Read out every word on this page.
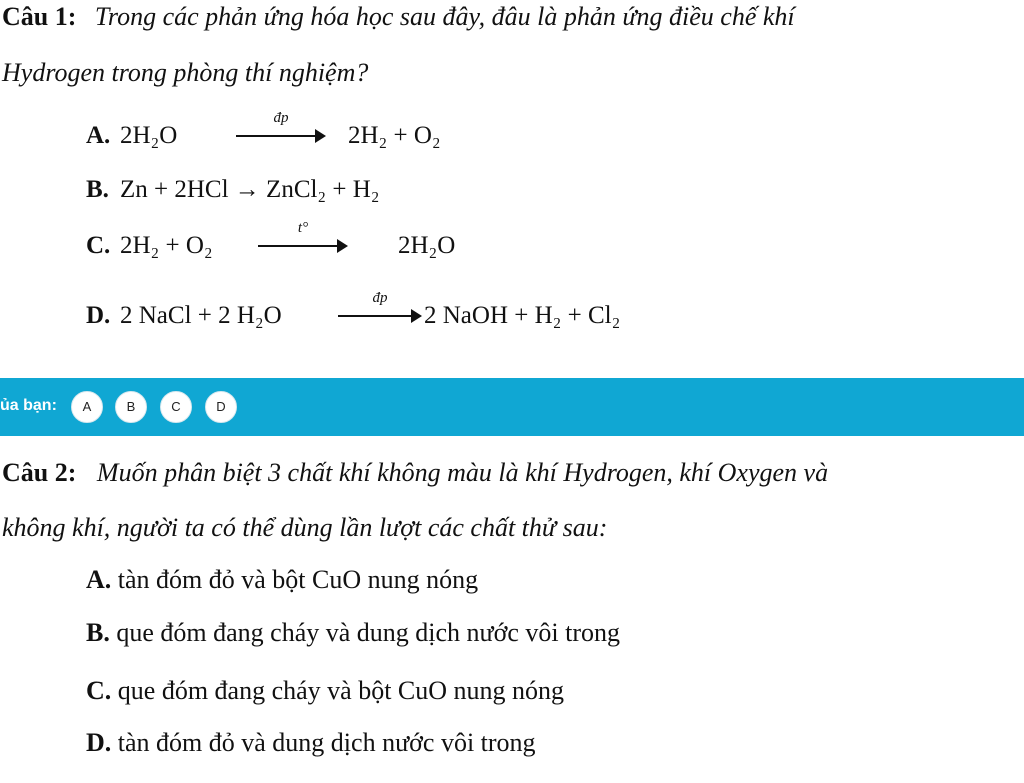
Câu 1: Trong các phản ứng hóa học sau đây, đâu là phản ứng điều chế khí
Hydrogen trong phòng thí nghiệm?
A. 2H₂O
đp
2H₂ + O₂
B. Zn + 2HCl → ZnCl₂ + H₂
C. 2H₂ + O₂
t°
2H₂O
D. 2 NaCl + 2 H₂O
đp
2 NaOH + H₂ + Cl₂
ủa bạn:	A	B	C	D
Câu 2: Muốn phân biệt 3 chất khí không màu là khí Hydrogen, khí Oxygen và
không khí, người ta có thể dùng lần lượt các chất thử sau:
A. tàn đóm đỏ và bột CuO nung nóng
B. que đóm đang cháy và dung dịch nước vôi trong
C. que đóm đang cháy và bột CuO nung nóng
D. tàn đóm đỏ và dung dịch nước vôi trong
